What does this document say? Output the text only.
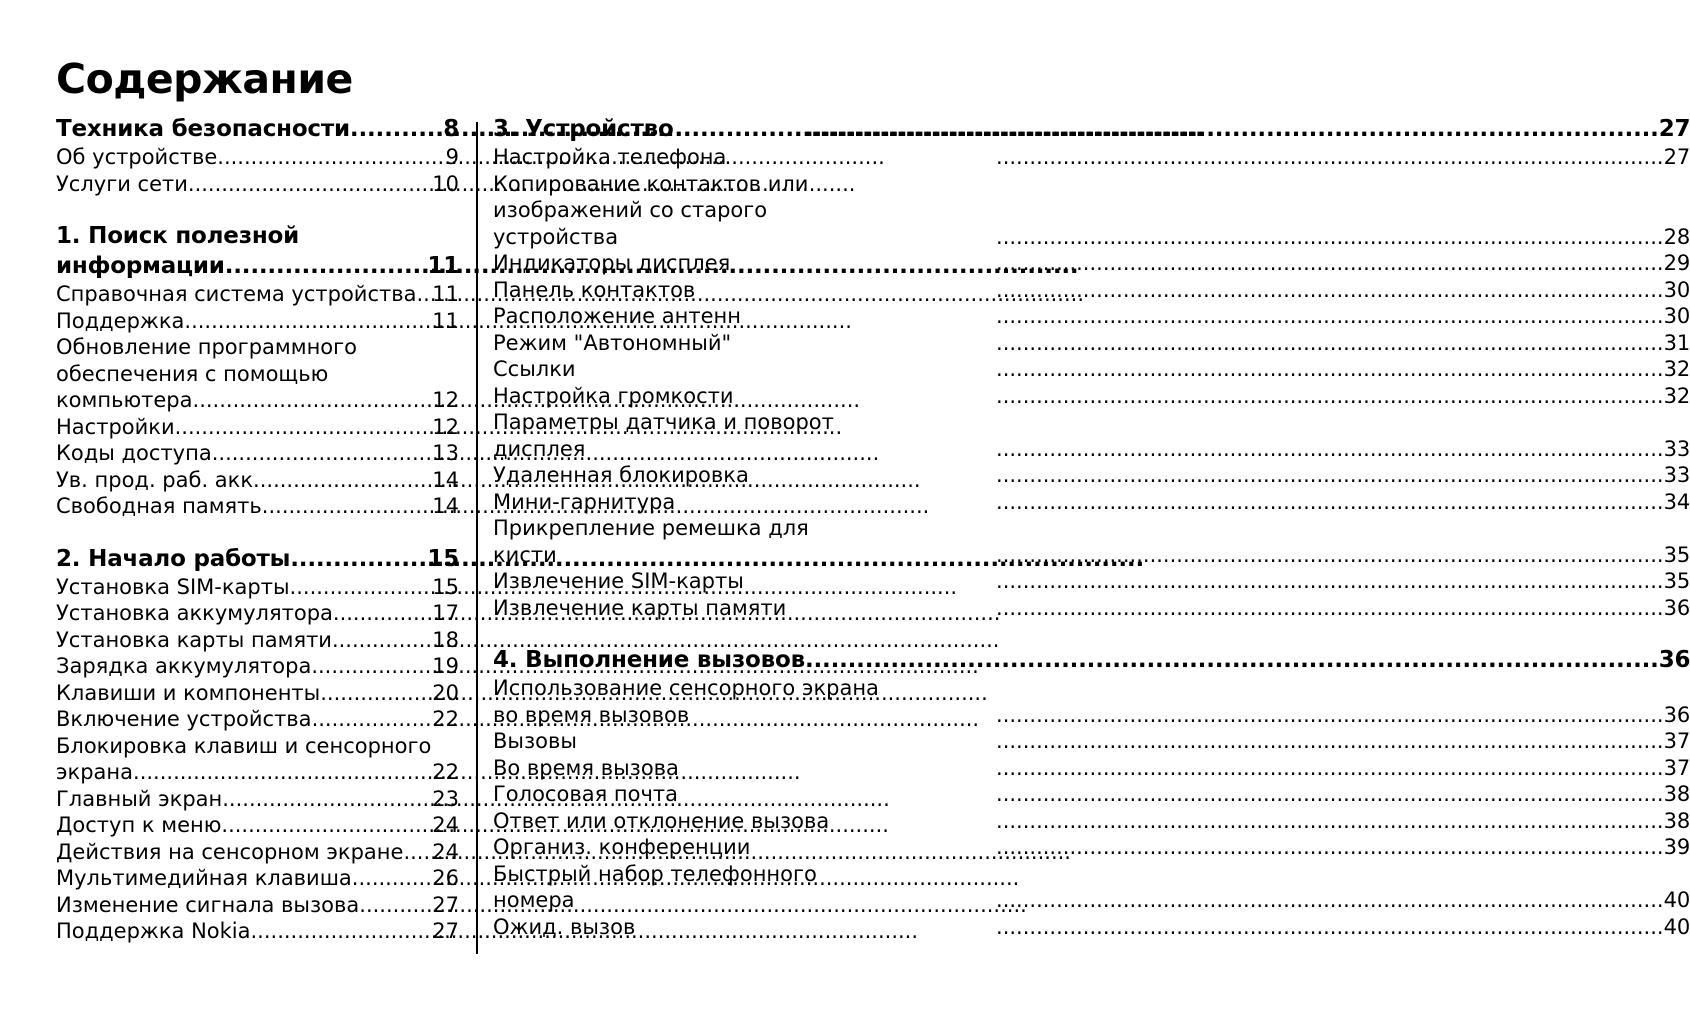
Содержание
Техника безопасности .....	8
Об устройстве .....	9
Услуги сети .....	10
1. Поиск полезной
информации .....	11
Справочная система устройства ..... 11
Поддержка .....	11
Обновление программного
обеспечения с помощью
компьютера .....	12
Настройки .....	12
Коды доступа .....	13
Ув. прод. раб. акк .....	14
Свободная память .....	14
2. Начало работы .....	15
Установка SIM-карты .....	15
Установка аккумулятора .....	17
Установка карты памяти .....	18
Зарядка аккумулятора .....	19
Клавиши и компоненты .....	20
Включение устройства .....	22
Блокировка клавиш и сенсорного
экрана .....	22
Главный экран .....	23
Доступ к меню .....	24
Действия на сенсорном экране ..... 24
Мультимедийная клавиша .....	26
Изменение сигнала вызова .....	27
Поддержка Nokia .....	27
3. Устройство .....	27
Настройка телефона .....	27
Копирование контактов или
изображений со старого
устройства .....	28
Индикаторы дисплея .....	29
Панель контактов .....	30
Расположение антенн .....	30
Режим "Автономный" .....	31
Ссылки .....	32
Настройка громкости .....	32
Параметры датчика и поворот
дисплея .....	33
Удаленная блокировка .....	33
Мини-гарнитура .....	34
Прикрепление ремешка для
кисти .....	35
Извлечение SIM-карты .....	35
Извлечение карты памяти .....	36
4. Выполнение вызовов .....	36
Использование сенсорного экрана
во время вызовов .....	36
Вызовы .....	37
Во время вызова .....	37
Голосовая почта .....	38
Ответ или отклонение вызова .....	38
Организ. конференции .....	39
Быстрый набор телефонного
номера .....	40
Ожид. вызов .....	40
